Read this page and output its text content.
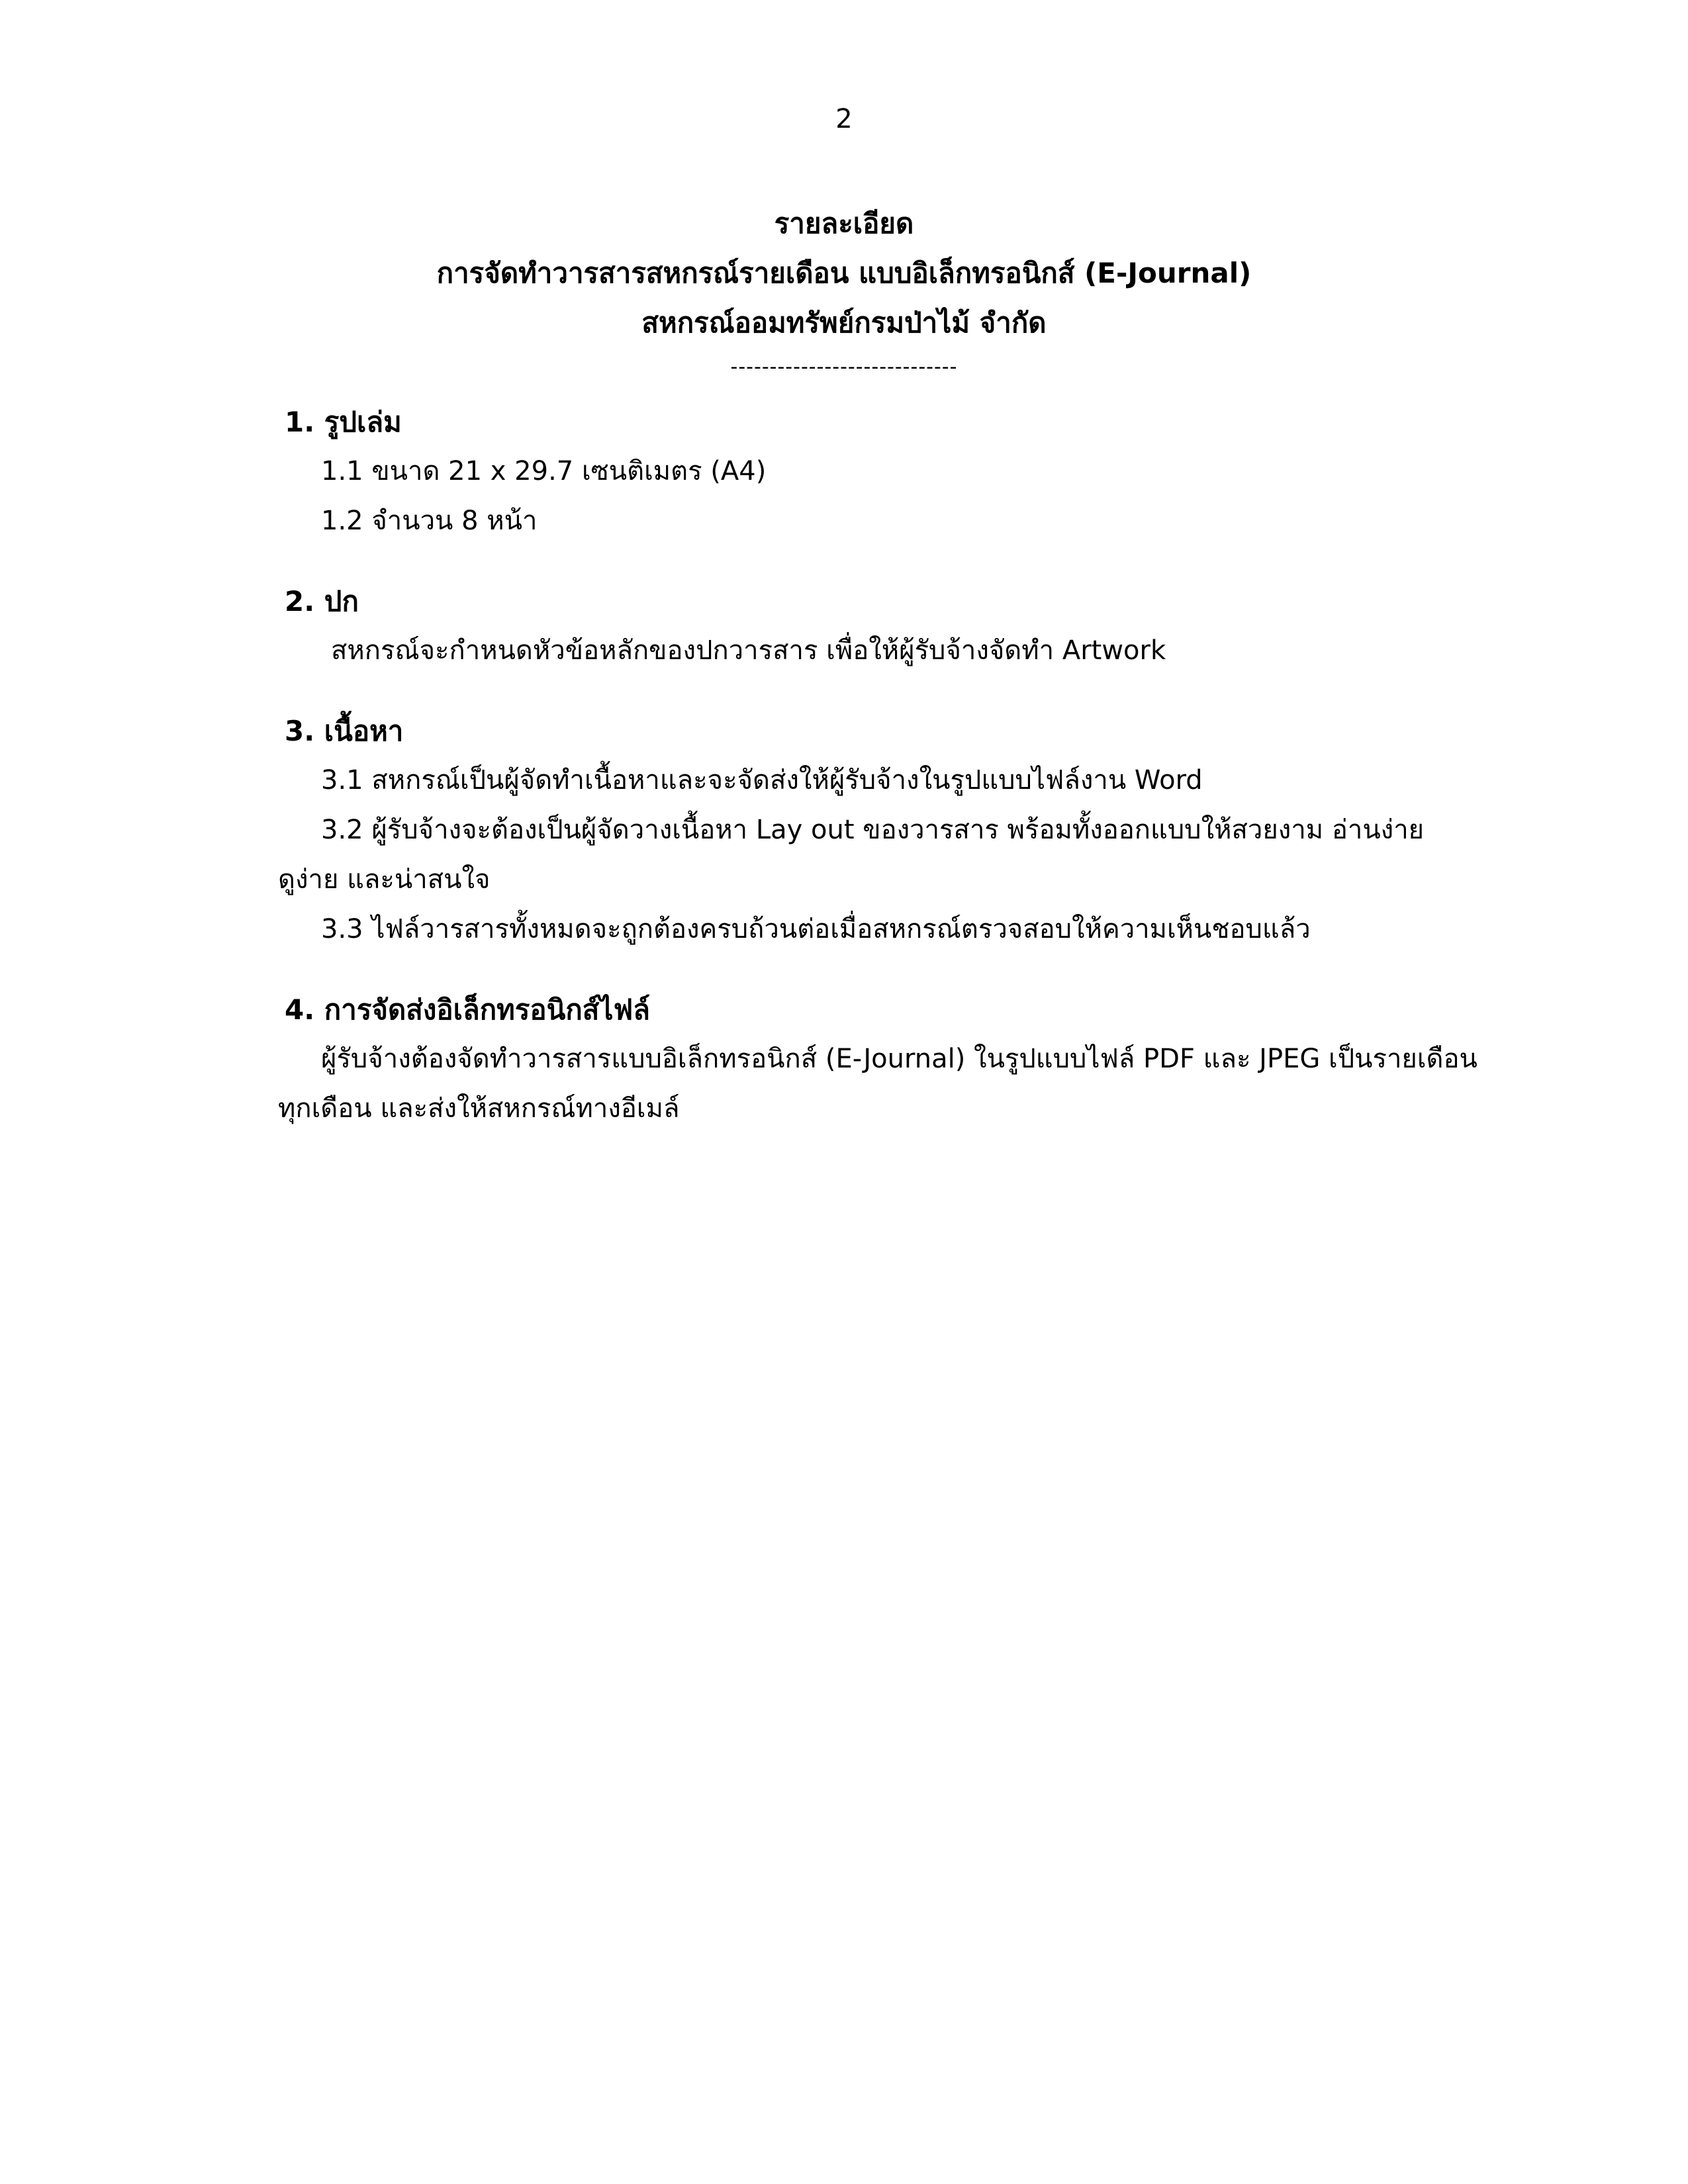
2
รายละเอียด
การจัดทำวารสารสหกรณ์รายเดือน แบบอิเล็กทรอนิกส์ (E-Journal)
สหกรณ์ออมทรัพย์กรมป่าไม้ จำกัด
-----------------------------

1. รูปเล่ม

1.1 ขนาด 21 x 29.7 เซนติเมตร (A4)

1.2 จำนวน 8 หน้า

2. ปก

สหกรณ์จะกำหนดหัวข้อหลักของปกวารสาร เพื่อให้ผู้รับจ้างจัดทำ Artwork

3. เนื้อหา

3.1 สหกรณ์เป็นผู้จัดทำเนื้อหาและจะจัดส่งให้ผู้รับจ้างในรูปแบบไฟล์งาน Word

3.2 ผู้รับจ้างจะต้องเป็นผู้จัดวางเนื้อหา Lay out ของวารสาร พร้อมทั้งออกแบบให้สวยงาม อ่านง่าย

ดูง่าย และน่าสนใจ

3.3 ไฟล์วารสารทั้งหมดจะถูกต้องครบถ้วนต่อเมื่อสหกรณ์ตรวจสอบให้ความเห็นชอบแล้ว

4. การจัดส่งอิเล็กทรอนิกส์ไฟล์

ผู้รับจ้างต้องจัดทำวารสารแบบอิเล็กทรอนิกส์ (E-Journal) ในรูปแบบไฟล์ PDF และ JPEG เป็นรายเดือน

ทุกเดือน และส่งให้สหกรณ์ทางอีเมล์
